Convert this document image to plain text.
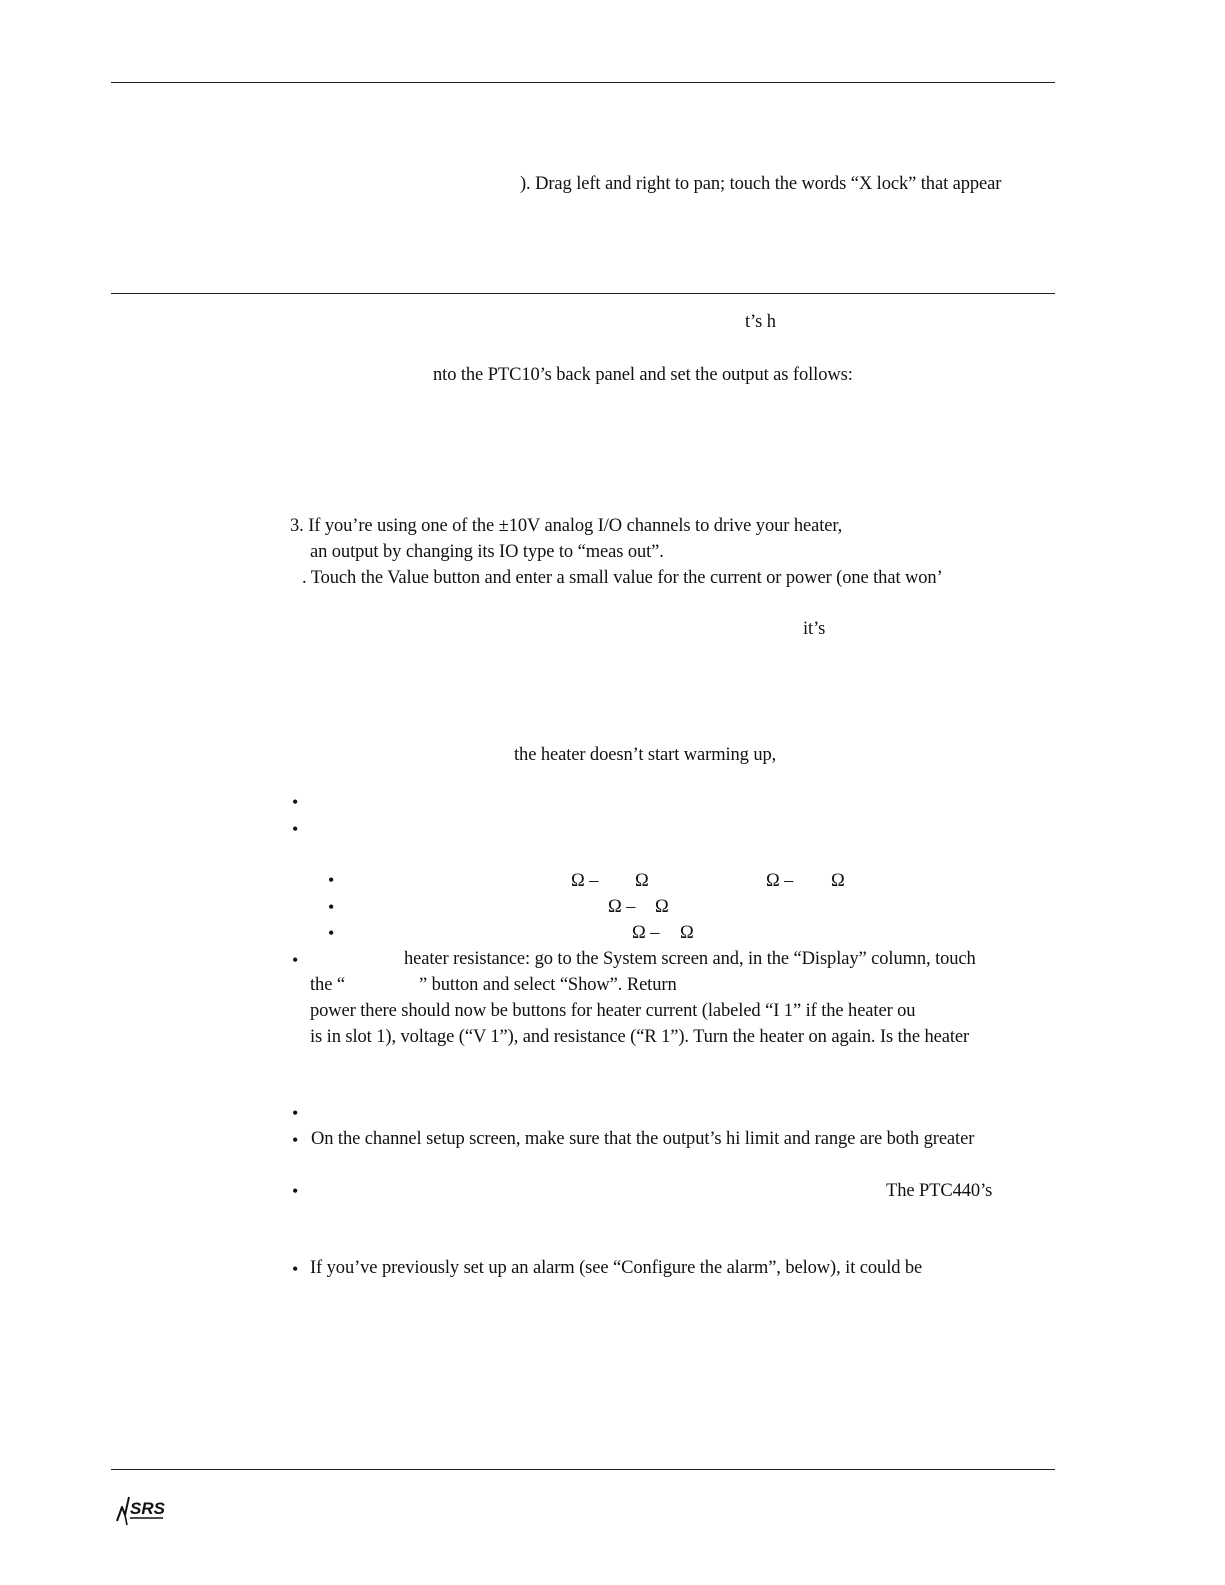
). Drag left and right to pan; touch the words “X lock” that appear
t’s h
nto the PTC10’s back panel and set the output as follows:
3. If you’re using one of the ±10V analog I/O channels to drive your heater,
an output by changing its IO type to “meas out”.
. Touch the Value button and enter a small value for the current or power (one that won’
it’s
the heater doesn’t start warming up,
•
•
•	Ω – Ω	Ω – Ω
•	Ω – Ω
•	Ω – Ω
•	heater resistance: go to the System screen and, in the “Display” column, touch
the “	” button and select “Show”. Return
power there should now be buttons for heater current (labeled “I 1” if the heater ou
is in slot 1), voltage (“V 1”), and resistance (“R 1”). Turn the heater on again. Is the heater
•
• On the channel setup screen, make sure that the output’s hi limit and range are both greater
•	The PTC440’s
• If you’ve previously set up an alarm (see “Configure the alarm”, below), it could be
SRS
